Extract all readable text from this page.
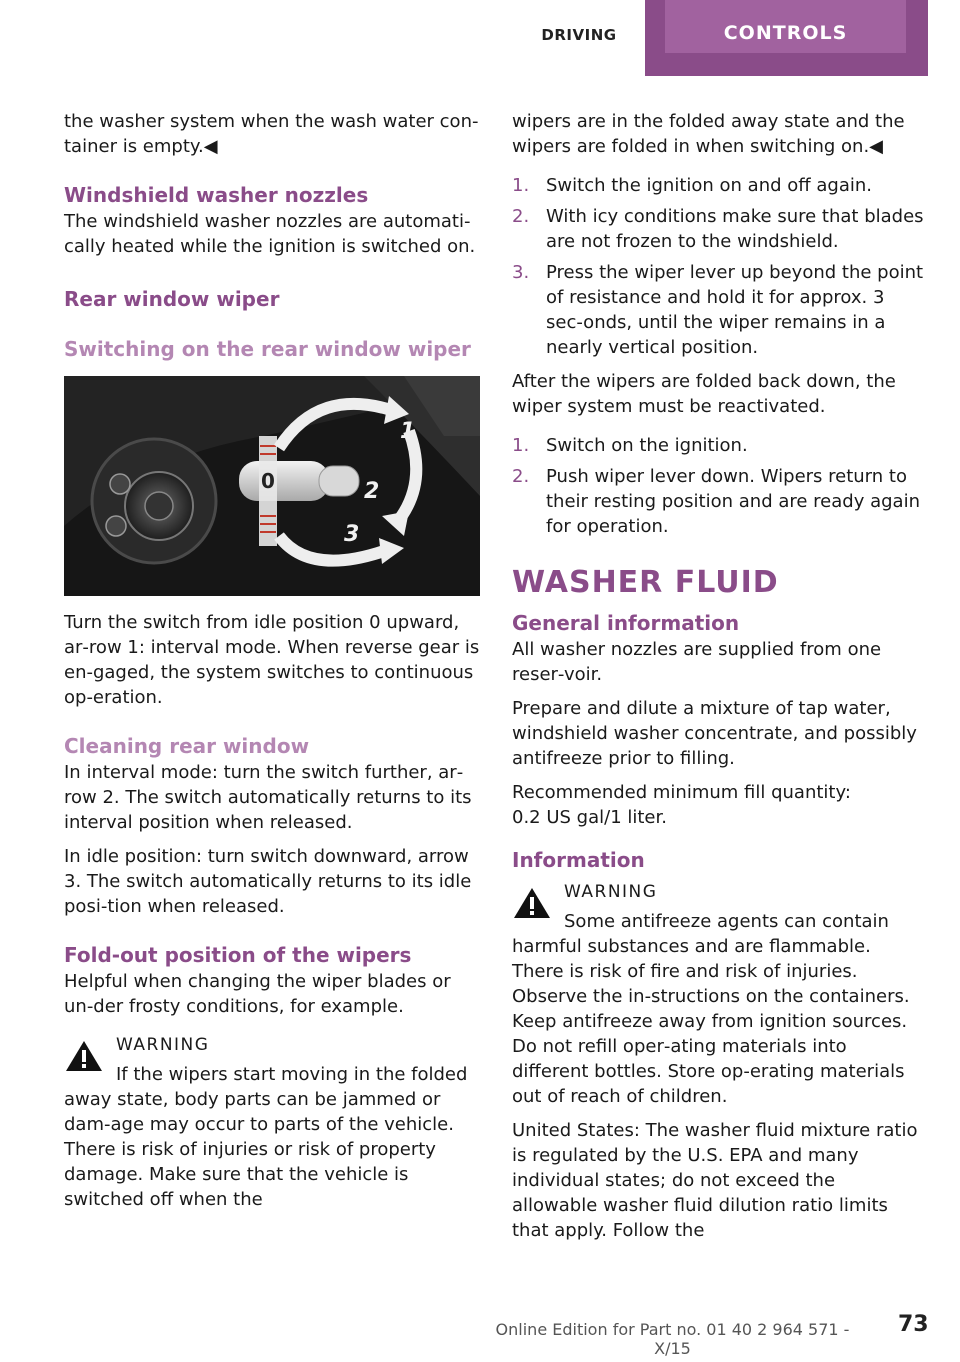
DRIVING	CONTROLS

the washer system when the wash water con‐tainer is empty.◀

Windshield washer nozzles

The windshield washer nozzles are automati‐cally heated while the ignition is switched on.

Rear window wiper
Switching on the rear window wiper
0
1
2
3

Turn the switch from idle position 0 upward, ar‐row 1: interval mode. When reverse gear is en‐gaged, the system switches to continuous op‐eration.

Cleaning rear window

In interval mode: turn the switch further, ar‐row 2. The switch automatically returns to its interval position when released.

In idle position: turn switch downward, arrow 3. The switch automatically returns to its idle posi‐tion when released.

Fold-out position of the wipers

Helpful when changing the wiper blades or un‐der frosty conditions, for example.

WARNING
If the wipers start moving in the folded
away state, body parts can be jammed or dam‐age may occur to parts of the vehicle. There is risk of injuries or risk of property damage. Make sure that the vehicle is switched off when the

wipers are in the folded away state and the wipers are folded in when switching on.◀

1. Switch the ignition on and off again.
2. With icy conditions make sure that blades are not frozen to the windshield.
3. Press the wiper lever up beyond the point of resistance and hold it for approx. 3 sec‐onds, until the wiper remains in a nearly vertical position.

After the wipers are folded back down, the wiper system must be reactivated.

1. Switch on the ignition.
2. Push wiper lever down. Wipers return to their resting position and are ready again for operation.
WASHER FLUID
General information

All washer nozzles are supplied from one reser‐voir.

Prepare and dilute a mixture of tap water, windshield washer concentrate, and possibly antifreeze prior to filling.

Recommended minimum fill quantity:
0.2 US gal/1 liter.

Information
WARNING
Some antifreeze agents can contain
harmful substances and are flammable. There is risk of fire and risk of injuries. Observe the in‐structions on the containers. Keep antifreeze away from ignition sources. Do not refill oper‐ating materials into different bottles. Store op‐erating materials out of reach of children.

United States: The washer fluid mixture ratio is regulated by the U.S. EPA and many individual states; do not exceed the allowable washer fluid dilution ratio limits that apply. Follow the

Online Edition for Part no. 01 40 2 964 571 - X/15
73
